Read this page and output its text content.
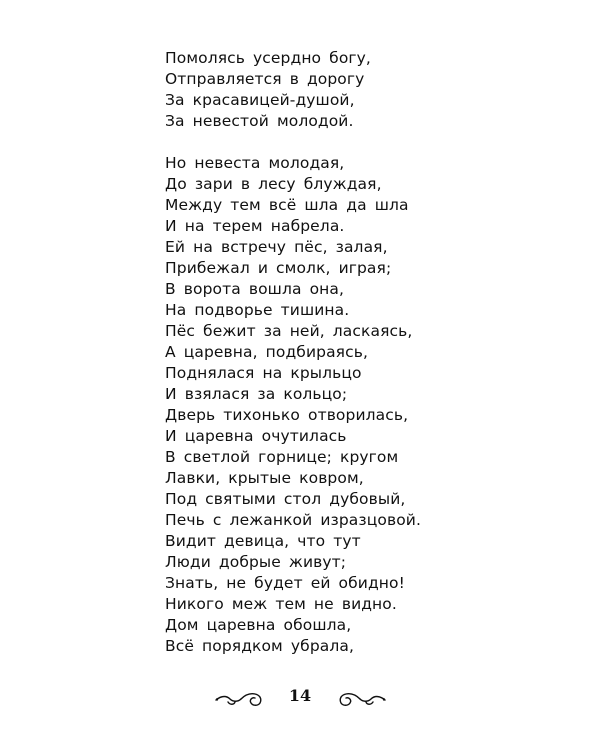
Помолясь усердно богу,
Отправляется в дорогу
За красавицей-душой,
За невестой молодой.
Но невеста молодая,
До зари в лесу блуждая,
Между тем всё шла да шла
И на терем набрела.
Ей на встречу пёс, залая,
Прибежал и смолк, играя;
В ворота вошла она,
На подворье тишина.
Пёс бежит за ней, ласкаясь,
А царевна, подбираясь,
Поднялася на крыльцо
И взялася за кольцо;
Дверь тихонько отворилась,
И царевна очутилась
В светлой горнице; кругом
Лавки, крытые ковром,
Под святыми стол дубовый,
Печь с лежанкой изразцовой.
Видит девица, что тут
Люди добрые живут;
Знать, не будет ей обидно!
Никого меж тем не видно.
Дом царевна обошла,
Всё порядком убрала,
14
